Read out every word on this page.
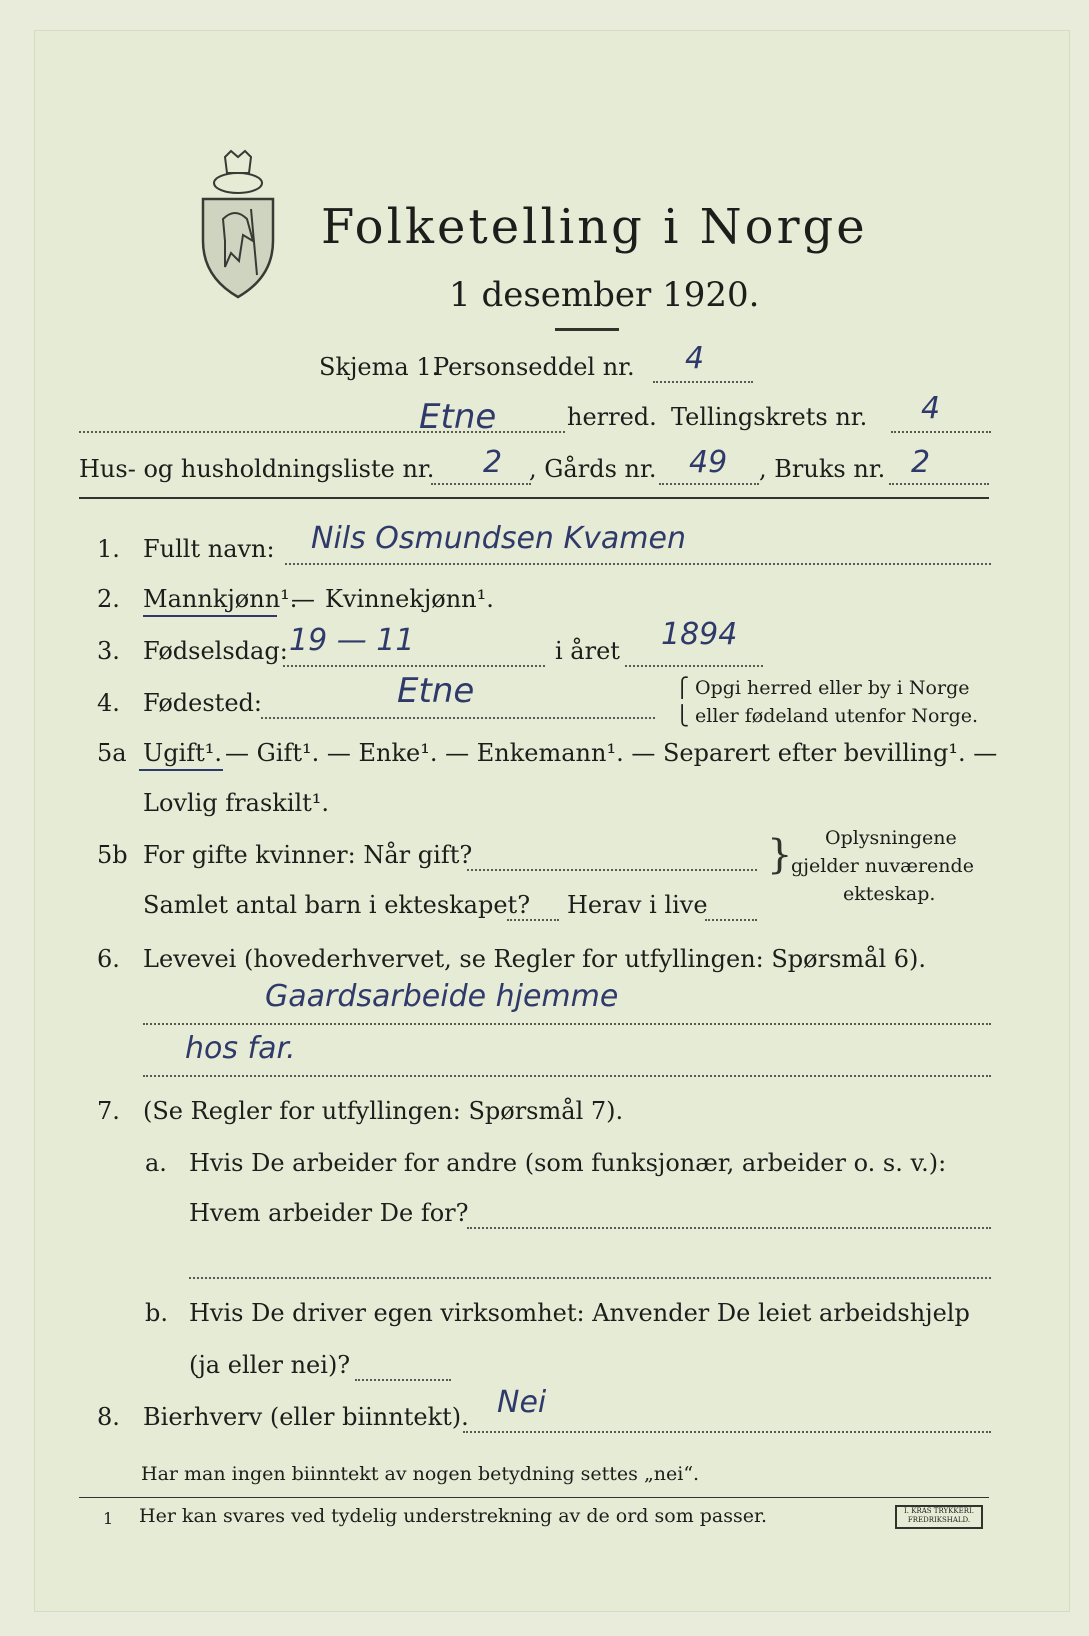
Folketelling i Norge
1 desember 1920.
Skjema 1.
Personseddel nr. 4
Etne	herred. Tellingskrets nr. 4
Hus- og husholdningsliste nr. 2 , Gårds nr. 49 , Bruks nr. 2
1. Fullt navn: Nils Osmundsen Kvamen
2. Mannkjønn¹.
— Kvinnekjønn¹.
3. Fødselsdag: 19 — 11	i året 1894
4. Fødested:	Etne	⎧
⎩
Opgi herred eller by i Norge
eller fødeland utenfor Norge.
5a Ugift¹. — Gift¹. — Enke¹. — Enkemann¹. — Separert efter bevilling¹. —
Lovlig fraskilt¹.
5b For gifte kvinner: Når gift?
Samlet antal barn i ekteskapet? Herav i live
} Oplysningene
gjelder nuværende
ekteskap.
6. Levevei (hovederhvervet, se Regler for utfyllingen: Spørsmål 6).
Gaardsarbeide hjemme
hos far.
7. (Se Regler for utfyllingen: Spørsmål 7).
a. Hvis De arbeider for andre (som funksjonær, arbeider o. s. v.):
Hvem arbeider De for?
b. Hvis De driver egen virksomhet: Anvender De leiet arbeidshjelp
(ja eller nei)?
8. Bierhverv (eller biinntekt). Nei
Har man ingen biinntekt av nogen betydning settes „nei“.
1 Her kan svares ved tydelig understrekning av de ord som passer.	I. KRAS TRYKKERI. FREDRIKSHALD.
